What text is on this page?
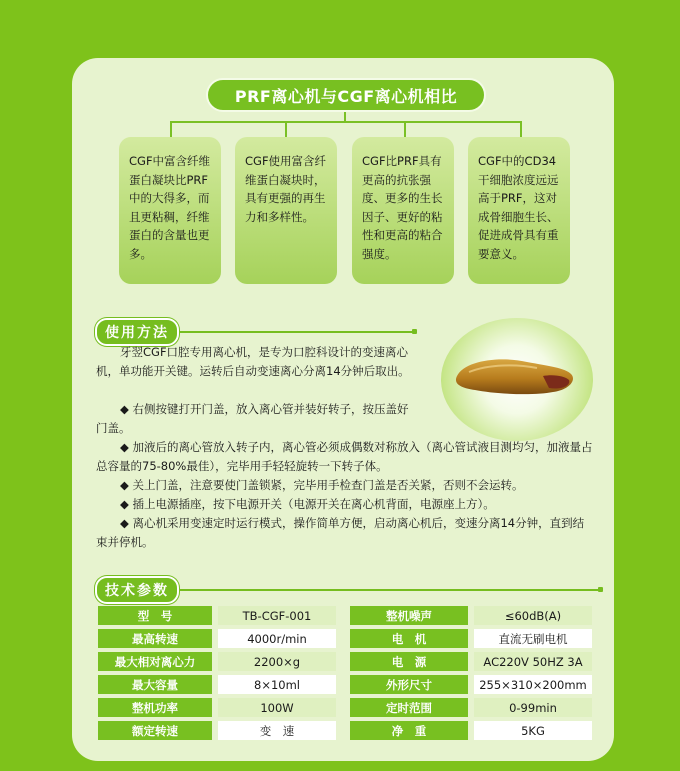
PRF离心机与CGF离心机相比
CGF中富含纤维蛋白凝块比PRF中的大得多，而且更粘稠，纤维蛋白的含量也更多。
CGF使用富含纤维蛋白凝块时，具有更强的再生力和多样性。
CGF比PRF具有更高的抗张强度、更多的生长因子、更好的粘性和更高的粘合强度。
CGF中的CD34干细胞浓度远远高于PRF，这对成骨细胞生长、促进成骨具有重要意义。
使用方法
牙翌CGF口腔专用离心机，是专为口腔科设计的变速离心机，单功能开关键。运转后自动变速离心分离14分钟后取出。
◆ 右侧按键打开门盖，放入离心管并装好转子，按压盖好门盖。
◆ 加液后的离心管放入转子内，离心管必须成偶数对称放入（离心管试液目测均匀，加液量占总容量的75-80%最佳），完毕用手轻轻旋转一下转子体。
◆ 关上门盖，注意要使门盖锁紧，完毕用手检查门盖是否关紧，否则不会运转。
◆ 插上电源插座，按下电源开关（电源开关在离心机背面，电源座上方）。
◆ 离心机采用变速定时运行模式，操作简单方便，启动离心机后，变速分离14分钟，直到结束并停机。
技术参数
型　号	TB-CGF-001
最高转速	4000r/min
最大相对离心力	2200×g
最大容量	8×10ml
整机功率	100W
额定转速	变　速
整机噪声	≤60dB(A)
电　机	直流无刷电机
电　源	AC220V 50HZ 3A
外形尺寸	255×310×200mm
定时范围	0-99min
净　重	5KG
